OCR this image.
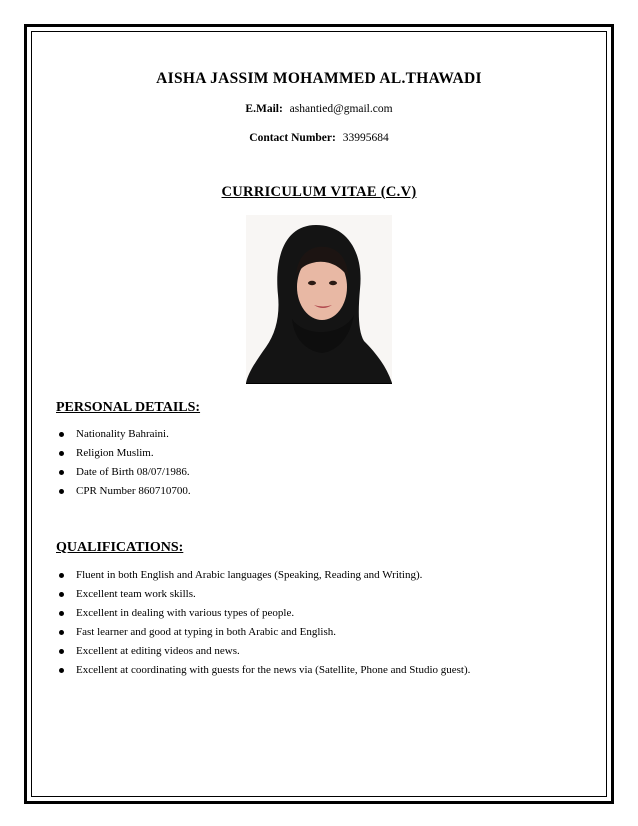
AISHA JASSIM MOHAMMED AL.THAWADI
E.Mail: ashantied@gmail.com
Contact Number: 33995684
CURRICULUM VITAE (C.V)
PERSONAL DETAILS:
Nationality Bahraini.
Religion Muslim.
Date of Birth 08/07/1986.
CPR Number 860710700.
QUALIFICATIONS:
Fluent in both English and Arabic languages (Speaking, Reading and Writing).
Excellent team work skills.
Excellent in dealing with various types of people.
Fast learner and good at typing in both Arabic and English.
Excellent at editing videos and news.
Excellent at coordinating with guests for the news via (Satellite, Phone and Studio guest).
